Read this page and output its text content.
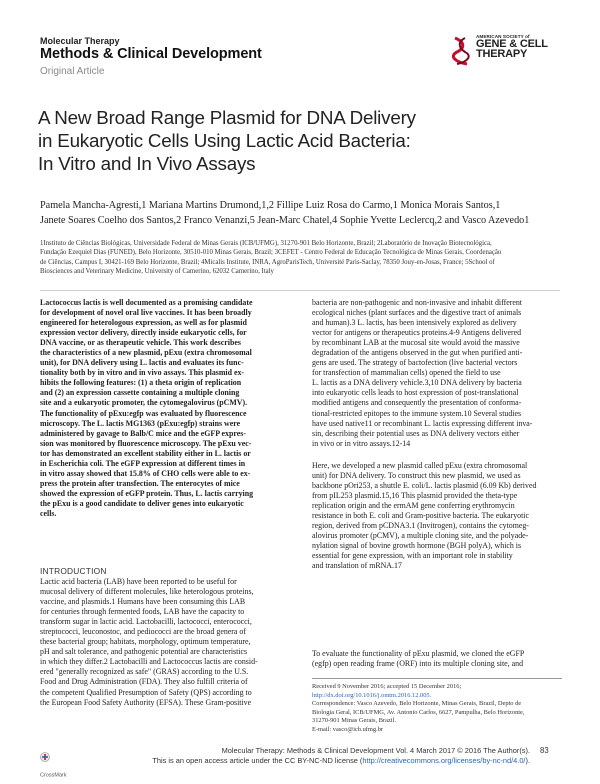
Molecular Therapy
Methods & Clinical Development
Original Article
AMERICAN SOCIETY of
GENE & CELL
THERAPY
A New Broad Range Plasmid for DNA Delivery
in Eukaryotic Cells Using Lactic Acid Bacteria:
In Vitro and In Vivo Assays
Pamela Mancha-Agresti,1 Mariana Martins Drumond,1,2 Fillipe Luiz Rosa do Carmo,1 Monica Morais Santos,1
Janete Soares Coelho dos Santos,2 Franco Venanzi,5 Jean-Marc Chatel,4 Sophie Yvette Leclercq,2 and Vasco Azevedo1
1Instituto de Ciências Biológicas, Universidade Federal de Minas Gerais (ICB/UFMG), 31270-901 Belo Horizonte, Brazil; 2Laboratório de Inovação Biotecnológica,
Fundação Ezequiel Dias (FUNED), Belo Horizonte, 30510-010 Minas Gerais, Brazil; 3CEFET - Centro Federal de Educação Tecnológica de Minas Gerais, Coordenação
de Ciências, Campus I, 30421-169 Belo Horizonte, Brazil; 4Micalis Institute, INRA, AgroParisTech, Université Paris-Saclay, 78350 Jouy-en-Josas, France; 5School of
Biosciences and Veterinary Medicine, University of Camerino, 62032 Camerino, Italy
Lactococcus lactis is well documented as a promising candidate
for development of novel oral live vaccines. It has been broadly
engineered for heterologous expression, as well as for plasmid
expression vector delivery, directly inside eukaryotic cells, for
DNA vaccine, or as therapeutic vehicle. This work describes
the characteristics of a new plasmid, pExu (extra chromosomal
unit), for DNA delivery using L. lactis and evaluates its func-
tionality both by in vitro and in vivo assays. This plasmid ex-
hibits the following features: (1) a theta origin of replication
and (2) an expression cassette containing a multiple cloning
site and a eukaryotic promoter, the cytomegalovirus (pCMV).
The functionality of pExu:egfp was evaluated by fluorescence
microscopy. The L. lactis MG1363 (pExu:egfp) strains were
administered by gavage to Balb/C mice and the eGFP expres-
sion was monitored by fluorescence microscopy. The pExu vec-
tor has demonstrated an excellent stability either in L. lactis or
in Escherichia coli. The eGFP expression at different times in
in vitro assay showed that 15.8% of CHO cells were able to ex-
press the protein after transfection. The enterocytes of mice
showed the expression of eGFP protein. Thus, L. lactis carrying
the pExu is a good candidate to deliver genes into eukaryotic
cells.
INTRODUCTION
Lactic acid bacteria (LAB) have been reported to be useful for
mucosal delivery of different molecules, like heterologous proteins,
vaccine, and plasmids.1 Humans have been consuming this LAB
for centuries through fermented foods, LAB have the capacity to
transform sugar in lactic acid. Lactobacilli, lactococci, enterococci,
streptococci, leuconostoc, and pediococci are the broad genera of
these bacterial group; habitats, morphology, optimum temperature,
pH and salt tolerance, and pathogenic potential are characteristics
in which they differ.2 Lactobacilli and Lactococcus lactis are consid-
ered "generally recognized as safe" (GRAS) according to the U.S.
Food and Drug Administration (FDA). They also fulfill criteria of
the competent Qualified Presumption of Safety (QPS) according to
the European Food Safety Authority (EFSA). These Gram-positive
bacteria are non-pathogenic and non-invasive and inhabit different
ecological niches (plant surfaces and the digestive tract of animals
and human).3 L. lactis, has been intensively explored as delivery
vector for antigens or therapeutics proteins.4-9 Antigens delivered
by recombinant LAB at the mucosal site would avoid the massive
degradation of the antigens observed in the gut when purified anti-
gens are used. The strategy of bactofection (live bacterial vectors
for transfection of mammalian cells) opened the field to use
L. lactis as a DNA delivery vehicle.3,10 DNA delivery by bacteria
into eukaryotic cells leads to host expression of post-translational
modified antigens and consequently the presentation of conforma-
tional-restricted epitopes to the immune system.10 Several studies
have used native11 or recombinant L. lactis expressing different inva-
sin, describing their potential uses as DNA delivery vectors either
in vivo or in vitro assays.12-14
Here, we developed a new plasmid called pExu (extra chromosomal
unit) for DNA delivery. To construct this new plasmid, we used as
backbone pOri253, a shuttle E. coli/L. lactis plasmid (6.09 Kb) derived
from pIL253 plasmid.15,16 This plasmid provided the theta-type
replication origin and the ermAM gene conferring erythromycin
resistance in both E. coli and Gram-positive bacteria. The eukaryotic
region, derived from pCDNA3.1 (Invitrogen), contains the cytomeg-
alovirus promoter (pCMV), a multiple cloning site, and the polyade-
nylation signal of bovine growth hormone (BGH polyA), which is
essential for gene expression, with an important role in stability
and translation of mRNA.17
To evaluate the functionality of pExu plasmid, we cloned the eGFP
(egfp) open reading frame (ORF) into its multiple cloning site, and
Received 9 November 2016; accepted 15 December 2016;
http://dx.doi.org/10.1016/j.omtm.2016.12.005.
Correspondence: Vasco Azevedo, Belo Horizonte, Minas Gerais, Brazil, Depto de
Biologia Geral, ICB/UFMG, Av. Antonio Carlos, 6627, Pampulha, Belo Horizonte,
31270-901 Minas Gerais, Brazil.
E-mail: vasco@icb.ufmg.br
CrossMark
Molecular Therapy: Methods & Clinical Development Vol. 4 March 2017 © 2016 The Author(s).
This is an open access article under the CC BY-NC-ND license (http://creativecommons.org/licenses/by-nc-nd/4.0/).
83
